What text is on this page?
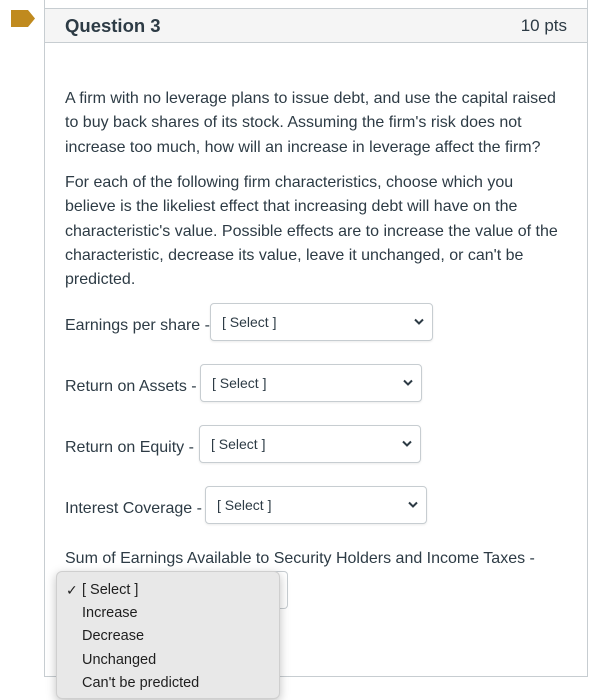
Question 3	10 pts

A firm with no leverage plans to issue debt, and use the capital raised to buy back shares of its stock. Assuming the firm's risk does not increase too much, how will an increase in leverage affect the firm?

For each of the following firm characteristics, choose which you believe is the likeliest effect that increasing debt will have on the characteristic's value. Possible effects are to increase the value of the characteristic, decrease its value, leave it unchanged, or can't be predicted.

Earnings per share - [ Select ]
Return on Assets - [ Select ]
Return on Equity - [ Select ]
Interest Coverage - [ Select ]
Sum of Earnings Available to Security Holders and Income Taxes -
✓ [ Select ]
Increase
Decrease
Unchanged
Can't be predicted
